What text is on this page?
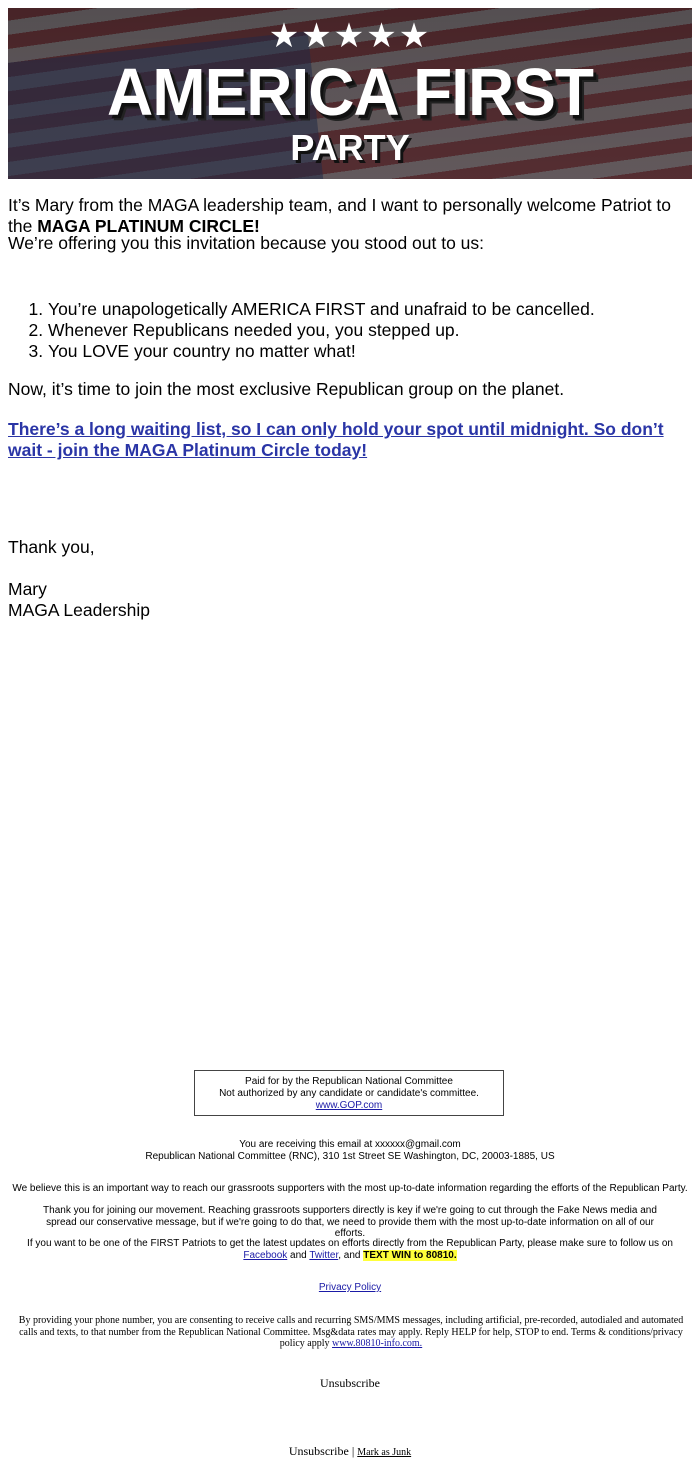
★★★★★
AMERICA FIRST
PARTY

It’s Mary from the MAGA leadership team, and I want to personally welcome Patriot to the MAGA PLATINUM CIRCLE!

We’re offering you this invitation because you stood out to us:

1. You’re unapologetically AMERICA FIRST and unafraid to be cancelled.
2. Whenever Republicans needed you, you stepped up.
3. You LOVE your country no matter what!

Now, it’s time to join the most exclusive Republican group on the planet.

There’s a long waiting list, so I can only hold your spot until midnight. So don’t wait - join the MAGA Platinum Circle today!

Thank you,

Mary

MAGA Leadership

Paid for by the Republican National Committee
Not authorized by any candidate or candidate's committee.
www.GOP.com
You are receiving this email at xxxxxx@gmail.com
Republican National Committee (RNC), 310 1st Street SE Washington, DC, 20003-1885, US
We believe this is an important way to reach our grassroots supporters with the most up-to-date information regarding the efforts of the Republican Party.
Thank you for joining our movement. Reaching grassroots supporters directly is key if we're going to cut through the Fake News media and spread our conservative message, but if we're going to do that, we need to provide them with the most up-to-date information on all of our efforts.
If you want to be one of the FIRST Patriots to get the latest updates on efforts directly from the Republican Party, please make sure to follow us on Facebook and Twitter, and TEXT WIN to 80810.
Privacy Policy
By providing your phone number, you are consenting to receive calls and recurring SMS/MMS messages, including artificial, pre-recorded, autodialed and automated calls and texts, to that number from the Republican National Committee. Msg&data rates may apply. Reply HELP for help, STOP to end. Terms & conditions/privacy policy apply www.80810-info.com.
Unsubscribe
Unsubscribe | Mark as Junk
